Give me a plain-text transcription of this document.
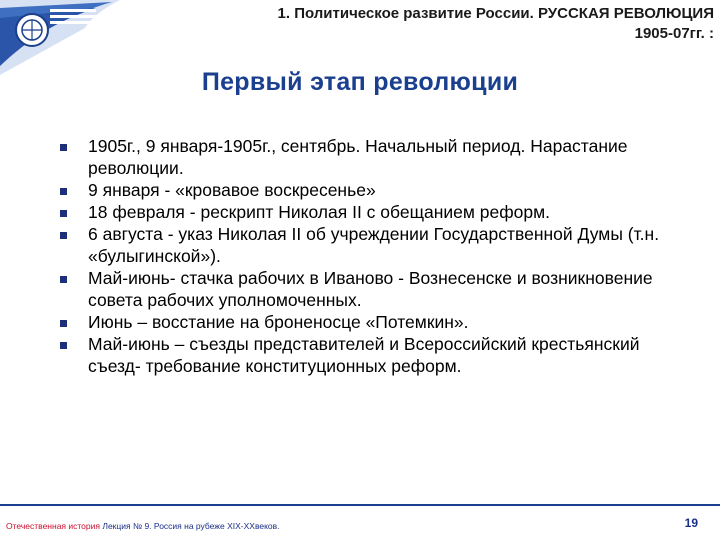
1. Политическое развитие России. РУССКАЯ РЕВОЛЮЦИЯ
1905-07гг. :
Первый этап революции
1905г., 9 января-1905г., сентябрь. Начальный период. Нарастание революции.
9 января - «кровавое воскресенье»
18 февраля - рескрипт Николая II с обещанием реформ.
6 августа - указ Николая II об учреждении Государственной Думы (т.н. «булыгинской»).
Май-июнь- стачка рабочих в Иваново - Вознесенске и возникновение совета рабочих уполномоченных.
Июнь – восстание на броненосце «Потемкин».
Май-июнь – съезды представителей и Всероссийский крестьянский съезд- требование конституционных реформ.
Отечественная история Лекция № 9. Россия на рубеже XIX-XXвеков.	19
